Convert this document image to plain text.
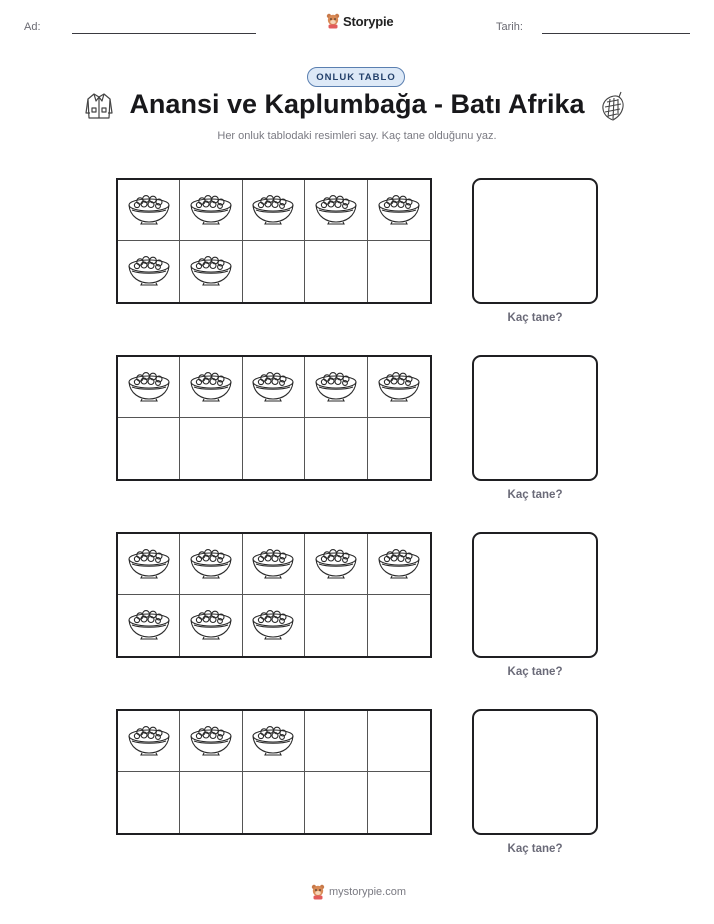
Ad:	Storypie	Tarih:
ONLUK TABLO
Anansi ve Kaplumbağa - Batı Afrika
Her onluk tablodaki resimleri say. Kaç tane olduğunu yaz.
Kaç tane?
Kaç tane?
Kaç tane?
Kaç tane?
mystorypie.com
